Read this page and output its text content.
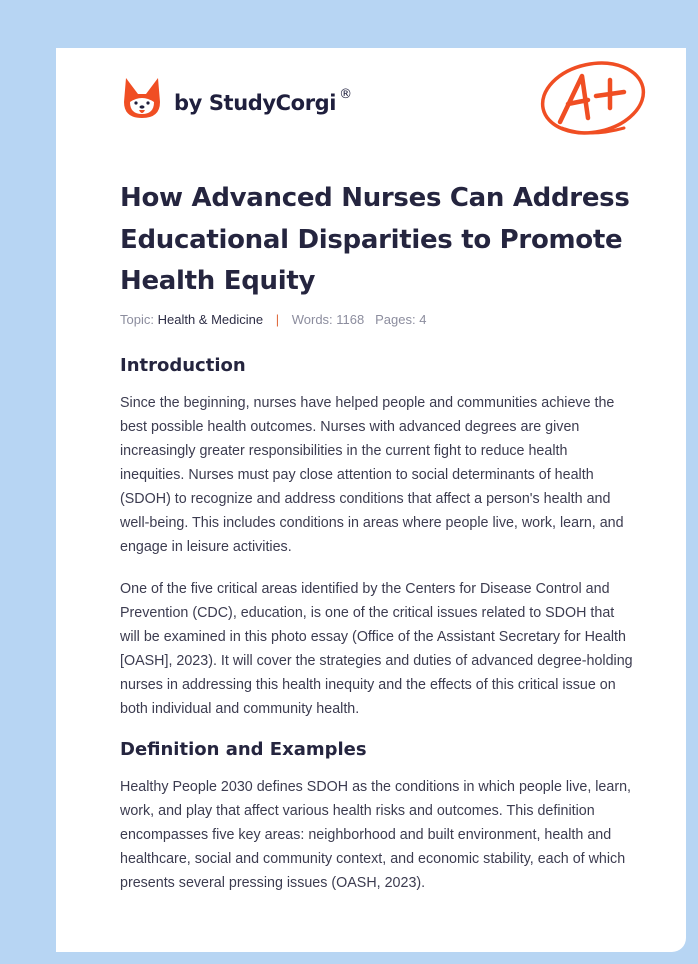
by StudyCorgi ®
How Advanced Nurses Can Address Educational Disparities to Promote Health Equity
Topic: Health & Medicine | Words: 1168 Pages: 4
Introduction

Since the beginning, nurses have helped people and communities achieve the best possible health outcomes. Nurses with advanced degrees are given increasingly greater responsibilities in the current fight to reduce health inequities. Nurses must pay close attention to social determinants of health (SDOH) to recognize and address conditions that affect a person's health and well-being. This includes conditions in areas where people live, work, learn, and engage in leisure activities.

One of the five critical areas identified by the Centers for Disease Control and Prevention (CDC), education, is one of the critical issues related to SDOH that will be examined in this photo essay (Office of the Assistant Secretary for Health [OASH], 2023). It will cover the strategies and duties of advanced degree-holding nurses in addressing this health inequity and the effects of this critical issue on both individual and community health.

Definition and Examples

Healthy People 2030 defines SDOH as the conditions in which people live, learn, work, and play that affect various health risks and outcomes. This definition encompasses five key areas: neighborhood and built environment, health and healthcare, social and community context, and economic stability, each of which presents several pressing issues (OASH, 2023).
